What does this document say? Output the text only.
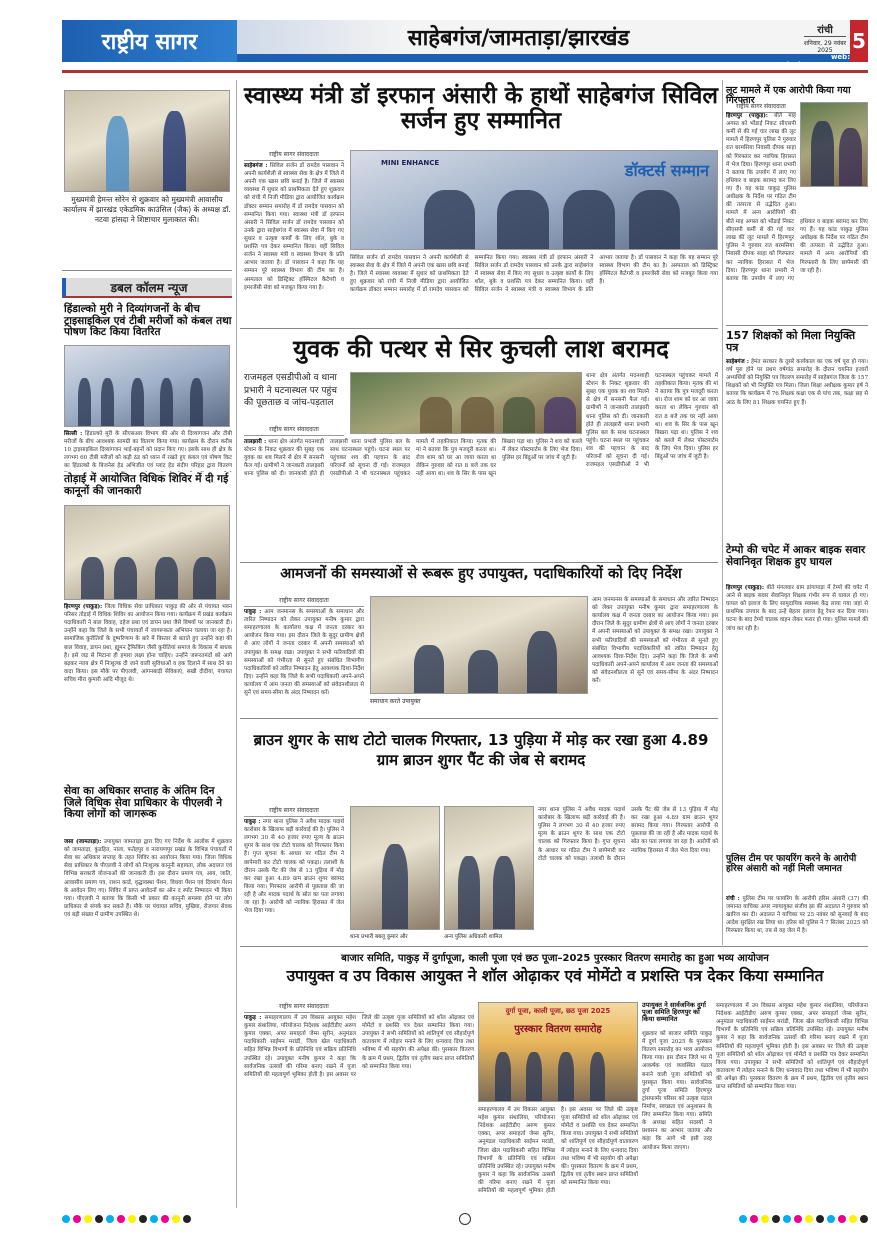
राष्ट्रीय सागर	साहेबगंज/जामताड़ा/झारखंड	रांची
शनिवार, 29 नवंबर 2025
web: rashtriyasagar.com
5
मुख्यमंत्री हेमन्त सोरेन से शुक्रवार को मुख्यमंत्री आवासीय कार्यालय में झारखंड एकेडमिक काउंसिल (जैक) के अध्यक्ष डॉ. नटवा हांसदा ने शिष्टाचार मुलाकात की।
डबल कॉलम न्यूज
हिंडाल्को मुरी ने दिव्यांगजनों के बीच ट्राइसाइकिल एवं टीबी मरीजों को कंबल तथा पोषण किट किया वितरित
सिल्ली : हिंडाल्को मुरी के सीएसआर विभाग की ओर से दिव्यांगजन और टीबी मरीजों के बीच आवश्यक सामग्री का वितरण किया गया। कार्यक्रम के दौरान करीब 10 ट्राइसाइकिल दिव्यांगजन भाई-बहनों को प्रदान किए गए। इसके साथ ही क्षेत्र के लगभग 60 टीबी मरीजों को कड़ी ठंड को ध्यान में रखते हुए कंबल एवं पोषण किट का हिंडाल्को के बिजनेस हेड अभिजीत एवं प्लांट हेड संदीप परिहार द्वारा वितरण
तोड़ाई में आयोजित विधिक शिविर में दी गई कानूनों की जानकारी
हिरणपुर (पाकुड़): जिला विधिक सेवा प्राधिकार पाकुड़ की ओर से पंचायत भवन परिसर तोड़ाई में विधिक शिविर का आयोजन किया गया। कार्यक्रम में प्रखंड कार्यक्रम पदाधिकारी ने बाल विवाह, दहेज प्रथा एवं डायन प्रथा जैसे विषयों पर जानकारी दी। उन्होंने कहा कि जिले के सभी पंचायतों में जागरूकता अभियान चलाया जा रहा है। सामाजिक कुरीतियों के दुष्परिणाम के बारे में विस्तार से बताते हुए उन्होंने कहा की बाल विवाह, डायन प्रथा, ह्यूमन ट्रैफिकिंग जैसी कुरीतियां समाज के विकास में बाधक है। इसे जड़ से मिटाना ही हमारा लक्ष्य होना चाहिए। उन्होंने जरूरतमंदों को आगे बढ़कर न्याय क्षेत्र में निःशुल्क दी जाने वाली सुविधाओं व हक दिलाने में साथ देने का वादा किया। इस मौके पर पीएलवी, आंगनबाड़ी सेविकाएं, सखी दीदीयां, पंचायत सचिव मीरा कुमारी आदि मौजूद थे।
सेवा का अधिकार सप्ताह के अंतिम दिन जिले विधिक सेवा प्राधिकार के पीएलवी ने किया लोगों को जागरूक
जसा (जामताड़ा): उपायुक्त जामताड़ा द्वारा दिए गए निर्देश के आलोक में शुक्रवार को जामताड़ा, कुंडहित, नाला, फतेहपुर व नारायणपुर प्रखंड के विभिन्न पंचायतों में सेवा का अधिकार सप्ताह के तहत शिविर का आयोजन किया गया। जिला विधिक सेवा प्राधिकार के पीएलवी ने लोगों को निःशुल्क कानूनी सहायता, लोक अदालत एवं विभिन्न सरकारी योजनाओं की जानकारी दी। इस दौरान प्रमाण पत्र, आय, जाति, आवासीय प्रमाण पत्र, राशन कार्ड, वृद्धावस्था पेंशन, विधवा पेंशन एवं दिव्यांग पेंशन के आवेदन लिए गए। शिविर में प्राप्त आवेदनों का ऑन द स्पॉट निष्पादन भी किया गया। पीएलवी ने बताया कि किसी भी प्रकार की कानूनी समस्या होने पर लोग प्राधिकार से संपर्क कर सकते हैं। मौके पर पंचायत सचिव, मुखिया, रोजगार सेवक एवं बड़ी संख्या में ग्रामीण उपस्थित थे।
स्वास्थ्य मंत्री डॉ इरफान अंसारी के हाथों साहेबगंज सिविल सर्जन हुए सम्मानित
राष्ट्रीय सागर संवाददाता
साहेबगंज : सिविल सर्जन डॉ रामदेव पासवान ने अपनी कार्यशैली से स्वास्थ्य सेवा के क्षेत्र में जिले में अपनी एक खास छवि बनाई है। जिले में स्वास्थ्य व्यवस्था में सुधार को प्राथमिकता देते हुए शुक्रवार को रांची में निजी मीडिया द्वारा आयोजित कार्यक्रम डॉक्टर सम्मान समारोह में डॉ रामदेव पासवान को सम्मानित किया गया। स्वास्थ्य मंत्री डॉ इरफान अंसारी ने सिविल सर्जन डॉ रामदेव पासवान को उनके द्वारा साहेबगंज में स्वास्थ्य सेवा में किए गए सुधार व उत्कृष्ट कार्यों के लिए शॉल, बुके व प्रशस्ति पत्र देकर सम्मानित किया। वहीं सिविल सर्जन ने स्वास्थ्य मंत्री व स्वास्थ्य विभाग के प्रति आभार जताया है। डॉ पासवान ने कहा कि यह सम्मान पूरे स्वास्थ्य विभाग की टीम का है। अस्पताल को डिस्ट्रिक्ट हॉस्पिटल कैटेगरी व इमरजेंसी सेवा को मजबूत किया गया है।
MINI ENHANCE	डॉक्टर्स सम्मान
सिविल सर्जन डॉ रामदेव पासवान ने अपनी कार्यशैली से स्वास्थ्य सेवा के क्षेत्र में जिले में अपनी एक खास छवि बनाई है। जिले में स्वास्थ्य व्यवस्था में सुधार को प्राथमिकता देते हुए शुक्रवार को रांची में निजी मीडिया द्वारा आयोजित कार्यक्रम डॉक्टर सम्मान समारोह में डॉ रामदेव पासवान को सम्मानित किया गया। स्वास्थ्य मंत्री डॉ इरफान अंसारी ने सिविल सर्जन डॉ रामदेव पासवान को उनके द्वारा साहेबगंज में स्वास्थ्य सेवा में किए गए सुधार व उत्कृष्ट कार्यों के लिए शॉल, बुके व प्रशस्ति पत्र देकर सम्मानित किया। वहीं सिविल सर्जन ने स्वास्थ्य मंत्री व स्वास्थ्य विभाग के प्रति आभार जताया है। डॉ पासवान ने कहा कि यह सम्मान पूरे स्वास्थ्य विभाग की टीम का है। अस्पताल को डिस्ट्रिक्ट हॉस्पिटल कैटेगरी व इमरजेंसी सेवा को मजबूत किया गया है।
लूट मामले में एक आरोपी किया गया गिरफ्तार
राष्ट्रीय सागर संवाददाता
हिरणपुर (पाकुड़): बीते माह अगस्त को भोंडाई निकट सीएसपी कर्मी से की गई चार लाख की लूट मामले में हिरणपुर पुलिस ने गुरुवार रात बरमसिया निवासी दीपक साहा को गिरफ्तार कर न्यायिक हिरासत में भेज दिया। हिरणपुर थाना प्रभारी ने बताया कि उपयोग में लाए गए हथियार व बाइक बरामद कर लिए गए हैं। यह कांड पाकुड़ पुलिस अधीक्षक के निर्देश पर गठित टीम की तत्परता से उद्भेदित हुआ। मामले में अन्य आरोपियों की
बीते माह अगस्त को भोंडाई निकट सीएसपी कर्मी से की गई चार लाख की लूट मामले में हिरणपुर पुलिस ने गुरुवार रात बरमसिया निवासी दीपक साहा को गिरफ्तार कर न्यायिक हिरासत में भेज दिया। हिरणपुर थाना प्रभारी ने बताया कि उपयोग में लाए गए हथियार व बाइक बरामद कर लिए गए हैं। यह कांड पाकुड़ पुलिस अधीक्षक के निर्देश पर गठित टीम की तत्परता से उद्भेदित हुआ। मामले में अन्य आरोपियों की गिरफ्तारी के लिए छापेमारी की जा रही है।
157 शिक्षकों को मिला नियुक्ति पत्र
साहेबगंज : हेमंत सरकार के दूसरे कार्यकाल का एक वर्ष पूरा हो गया। वर्ष पूरा होने पर प्रथम वर्षगांठ समारोह के दौरान चयनित हजारों अभ्यर्थियों को नियुक्ति पत्र वितरण समारोह में साहेबगंज जिला के 157 शिक्षकों को भी नियुक्ति पत्र मिला। जिला शिक्षा अधीक्षक कुमार हर्ष ने बताया कि कार्यक्रम में 76 शिक्षक कक्षा एक से पांच तक, कक्षा छह से आठ के लिए 81 शिक्षक चयनित हुए हैं।
टेम्पो की चपेट में आकर बाइक सवार सेवानिवृत शिक्षक हुए घायल
हिरणपुर (पाकुड़): बीते मंगलवार ग्राम डांगापाड़ा में टेम्पो की चपेट में आने से बाइक सवार सेवानिवृत शिक्षक गंभीर रूप से घायल हो गए। घायल को इलाज के लिए सामुदायिक स्वास्थ्य केंद्र लाया गया जहां से प्राथमिक उपचार के बाद उन्हें बेहतर इलाज हेतु रेफर कर दिया गया। घटना के बाद टेम्पो चालक वाहन लेकर फरार हो गया। पुलिस मामले की जांच कर रही है।
पुलिस टीम पर फायरिंग करने के आरोपी हरिस अंसारी को नहीं मिली जमानत
रांची : पुलिस टीम पर फायरिंग के आरोपी हरिस अंसारी (37) की जमानत याचिका अपर न्यायायुक्त संजीव झा की अदालत ने गुरुवार को खारिज कर दी। अदालत ने याचिका पर 25 नवंबर को सुनवाई के बाद आदेश सुरक्षित रख लिया था। हरिस को पुलिस ने 7 सितंबर 2025 को गिरफ्तार किया था, तब से वह जेल में है।
युवक की पत्थर से सिर कुचली लाश बरामद
राजमहल एसडीपीओ व थाना प्रभारी ने घटनास्थल पर पहुंच की पूछताछ व जांच-पड़ताल
राष्ट्रीय सागर संवाददाता
थाना क्षेत्र अंतर्गत मदनशाही स्टेशन के निकट शुक्रवार की सुबह एक युवक का शव मिलने से क्षेत्र में सनसनी फैल गई। ग्रामीणों ने जानकारी तालझारी थाना पुलिस को दी। जानकारी होते ही तालझारी थाना प्रभारी पुलिस बल के साथ घटनास्थल पहुंचे। घटना स्थल पर पहुंचकर शव की पहचान के बाद परिजनों को सूचना दी गई। राजमहल एसडीपीओ ने भी घटनास्थल पहुंचकर मामले में तहकीकात किया। मृतक की मां ने बताया कि पुत्र मजदूरी करता था। रोज शाम को घर आ जाया करता था लेकिन गुरुवार को रात 8 बजे तक घर नहीं आया था। शव के सिर के पास खून बिखरा पड़ा था। पुलिस ने शव को कब्जे में लेकर पोस्टमार्टम के लिए भेज दिया। पुलिस हर बिंदुओं पर जांच में जुटी है।
तालझारी : थाना क्षेत्र अंतर्गत मदनशाही स्टेशन के निकट शुक्रवार की सुबह एक युवक का शव मिलने से क्षेत्र में सनसनी फैल गई। ग्रामीणों ने जानकारी तालझारी थाना पुलिस को दी। जानकारी होते ही तालझारी थाना प्रभारी पुलिस बल के साथ घटनास्थल पहुंचे। घटना स्थल पर पहुंचकर शव की पहचान के बाद परिजनों को सूचना दी गई। राजमहल एसडीपीओ ने भी घटनास्थल पहुंचकर मामले में तहकीकात किया। मृतक की मां ने बताया कि पुत्र मजदूरी करता था। रोज शाम को घर आ जाया करता था लेकिन गुरुवार को रात 8 बजे तक घर नहीं आया था। शव के सिर के पास खून बिखरा पड़ा था। पुलिस ने शव को कब्जे में लेकर पोस्टमार्टम के लिए भेज दिया। पुलिस हर बिंदुओं पर जांच में जुटी है।
आमजनों की समस्याओं से रूबरू हुए उपायुक्त, पदाधिकारियों को दिए निर्देश
राष्ट्रीय सागर संवाददाता
पाकुड़ : आम जनमानस के समस्याओं के समाधान और त्वरित निष्पादन को लेकर उपायुक्त मनीष कुमार द्वारा समाहरणालय के कार्यालय कक्ष में जनता दरबार का आयोजन किया गया। इस दौरान जिले के सुदूर ग्रामीण क्षेत्रों से आए लोगों ने जनता दरबार में अपनी समस्याओं को उपायुक्त के समक्ष रखा। उपायुक्त ने सभी फरियादियों की समस्याओं को गंभीरता से सुनते हुए संबंधित विभागीय पदाधिकारियों को त्वरित निष्पादन हेतु आवश्यक दिशा-निर्देश दिए। उन्होंने कहा कि जिले के सभी पदाधिकारी अपने-अपने कार्यालय में आम जनता की समस्याओं को संवेदनशीलता से सुनें एवं समय-सीमा के अंदर निष्पादन करें।
समाधान करते उपायुक्त
आम जनमानस के समस्याओं के समाधान और त्वरित निष्पादन को लेकर उपायुक्त मनीष कुमार द्वारा समाहरणालय के कार्यालय कक्ष में जनता दरबार का आयोजन किया गया। इस दौरान जिले के सुदूर ग्रामीण क्षेत्रों से आए लोगों ने जनता दरबार में अपनी समस्याओं को उपायुक्त के समक्ष रखा। उपायुक्त ने सभी फरियादियों की समस्याओं को गंभीरता से सुनते हुए संबंधित विभागीय पदाधिकारियों को त्वरित निष्पादन हेतु आवश्यक दिशा-निर्देश दिए। उन्होंने कहा कि जिले के सभी पदाधिकारी अपने-अपने कार्यालय में आम जनता की समस्याओं को संवेदनशीलता से सुनें एवं समय-सीमा के अंदर निष्पादन करें।
ब्राउन शुगर के साथ टोटो चालक गिरफ्तार, 13 पुड़िया में मोड़ कर रखा हुआ 4.89 ग्राम ब्राउन शुगर पैंट की जेब से बरामद
राष्ट्रीय सागर संवाददाता
पाकुड़ : नगर थाना पुलिस ने अवैध मादक पदार्थ कारोबार के खिलाफ बड़ी कार्रवाई की है। पुलिस ने लगभग 30 से 40 हजार रुपए मूल्य के ब्राउन शुगर के साथ एक टोटो चालक को गिरफ्तार किया है। गुप्त सूचना के आधार पर गठित टीम ने छापेमारी कर टोटो चालक को पकड़ा। तलाशी के दौरान उसके पैंट की जेब से 13 पुड़िया में मोड़ कर रखा हुआ 4.89 ग्राम ब्राउन शुगर बरामद किया गया। गिरफ्तार आरोपी से पूछताछ की जा रही है और मादक पदार्थ के स्रोत का पता लगाया जा रहा है। आरोपी को न्यायिक हिरासत में जेल भेज दिया गया।
थाना प्रभारी बबलू कुमार और	अन्य पुलिस अधिकारी शामिल
नगर थाना पुलिस ने अवैध मादक पदार्थ कारोबार के खिलाफ बड़ी कार्रवाई की है। पुलिस ने लगभग 30 से 40 हजार रुपए मूल्य के ब्राउन शुगर के साथ एक टोटो चालक को गिरफ्तार किया है। गुप्त सूचना के आधार पर गठित टीम ने छापेमारी कर टोटो चालक को पकड़ा। तलाशी के दौरान उसके पैंट की जेब से 13 पुड़िया में मोड़ कर रखा हुआ 4.89 ग्राम ब्राउन शुगर बरामद किया गया। गिरफ्तार आरोपी से पूछताछ की जा रही है और मादक पदार्थ के स्रोत का पता लगाया जा रहा है। आरोपी को न्यायिक हिरासत में जेल भेज दिया गया।
बाजार समिति, पाकुड़ में दुर्गापूजा, काली पूजा एवं छठ पूजा–2025 पुरस्कार वितरण समारोह का हुआ भव्य आयोजन
उपायुक्त व उप विकास आयुक्त ने शॉल ओढ़ाकर एवं मोमेंटो व प्रशस्ति पत्र देकर किया सम्मानित
राष्ट्रीय सागर संवाददाता
पाकुड़ : समाहरणालय में उप विकास आयुक्त महेश कुमार संथालिया, परियोजना निदेशक आईटीडीए अरुण कुमार एक्का, अपर समाहर्ता जेम्स सुरीन, अनुमंडल पदाधिकारी साईमन मरांडी, जिला खेल पदाधिकारी सहित विभिन्न विभागों के प्रतिनिधि एवं सक्रिय प्रतिनिधि उपस्थित रहे। उपायुक्त मनीष कुमार ने कहा कि सार्वजनिक उत्सवों की गरिमा बनाए रखने में पूजा समितियों की महत्वपूर्ण भूमिका होती है। इस अवसर पर जिले की उत्कृष्ट पूजा समितियों को शॉल ओढ़ाकर एवं मोमेंटो व प्रशस्ति पत्र देकर सम्मानित किया गया। उपायुक्त ने सभी समितियों को शांतिपूर्ण एवं सौहार्दपूर्ण वातावरण में त्योहार मनाने के लिए धन्यवाद दिया तथा भविष्य में भी सहयोग की अपेक्षा की। पुरस्कार वितरण के क्रम में प्रथम, द्वितीय एवं तृतीय स्थान प्राप्त समितियों को सम्मानित किया गया।
दुर्गा पूजा, काली पूजा, छठ पूजा 2025
पुरस्कार वितरण समारोह
समाहरणालय में उप विकास आयुक्त महेश कुमार संथालिया, परियोजना निदेशक आईटीडीए अरुण कुमार एक्का, अपर समाहर्ता जेम्स सुरीन, अनुमंडल पदाधिकारी साईमन मरांडी, जिला खेल पदाधिकारी सहित विभिन्न विभागों के प्रतिनिधि एवं सक्रिय प्रतिनिधि उपस्थित रहे। उपायुक्त मनीष कुमार ने कहा कि सार्वजनिक उत्सवों की गरिमा बनाए रखने में पूजा समितियों की महत्वपूर्ण भूमिका होती है। इस अवसर पर जिले की उत्कृष्ट पूजा समितियों को शॉल ओढ़ाकर एवं मोमेंटो व प्रशस्ति पत्र देकर सम्मानित किया गया। उपायुक्त ने सभी समितियों को शांतिपूर्ण एवं सौहार्दपूर्ण वातावरण में त्योहार मनाने के लिए धन्यवाद दिया तथा भविष्य में भी सहयोग की अपेक्षा की। पुरस्कार वितरण के क्रम में प्रथम, द्वितीय एवं तृतीय स्थान प्राप्त समितियों को सम्मानित किया गया।
उपायुक्त ने सार्वजनिक दुर्गा पूजा समिति हिरणपुर को किया सम्मानित
शुक्रवार को बाजार समिति पाकुड़ में दुर्गा पूजा 2025 के पुरस्कार वितरण समारोह का भव्य आयोजन किया गया। इस दौरान जिले भर में आकर्षक एवं व्यवस्थित पंडाल बनाने वाली पूजा समितियों को पुरस्कृत किया गया। सार्वजनिक दुर्गा पूजा समिति हिरणपुर ट्रांसफार्मर परिसर को उत्कृष्ट पंडाल निर्माण, स्वच्छता एवं अनुशासन के लिए सम्मानित किया गया। समिति के अध्यक्ष सहित सदस्यों ने प्रशासन का आभार जताया और कहा कि आगे भी इसी तरह आयोजन किया जाएगा।
समाहरणालय में उप विकास आयुक्त महेश कुमार संथालिया, परियोजना निदेशक आईटीडीए अरुण कुमार एक्का, अपर समाहर्ता जेम्स सुरीन, अनुमंडल पदाधिकारी साईमन मरांडी, जिला खेल पदाधिकारी सहित विभिन्न विभागों के प्रतिनिधि एवं सक्रिय प्रतिनिधि उपस्थित रहे। उपायुक्त मनीष कुमार ने कहा कि सार्वजनिक उत्सवों की गरिमा बनाए रखने में पूजा समितियों की महत्वपूर्ण भूमिका होती है। इस अवसर पर जिले की उत्कृष्ट पूजा समितियों को शॉल ओढ़ाकर एवं मोमेंटो व प्रशस्ति पत्र देकर सम्मानित किया गया। उपायुक्त ने सभी समितियों को शांतिपूर्ण एवं सौहार्दपूर्ण वातावरण में त्योहार मनाने के लिए धन्यवाद दिया तथा भविष्य में भी सहयोग की अपेक्षा की। पुरस्कार वितरण के क्रम में प्रथम, द्वितीय एवं तृतीय स्थान प्राप्त समितियों को सम्मानित किया गया।
